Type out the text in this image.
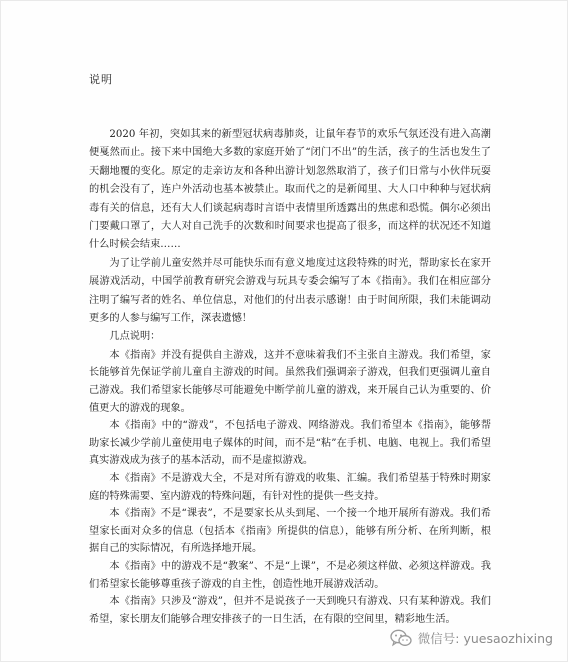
说明

2020 年初，突如其来的新型冠状病毒肺炎，让鼠年春节的欢乐气氛还没有进入高潮便戛然而止。接下来中国绝大多数的家庭开始了“闭门不出”的生活，孩子的生活也发生了天翻地覆的变化。原定的走亲访友和各种出游计划忽然取消了，孩子们日常与小伙伴玩耍的机会没有了，连户外活动也基本被禁止。取而代之的是新闻里、大人口中种种与冠状病毒有关的信息，还有大人们谈起病毒时言语中表情里所透露出的焦虑和恐慌。偶尔必须出门要戴口罩了，大人对自己洗手的次数和时间要求也提高了很多，而这样的状况还不知道什么时候会结束……

为了让学前儿童安然并尽可能快乐而有意义地度过这段特殊的时光，帮助家长在家开展游戏活动，中国学前教育研究会游戏与玩具专委会编写了本《指南》。我们在相应部分注明了编写者的姓名、单位信息，对他们的付出表示感谢！由于时间所限，我们未能调动更多的人参与编写工作，深表遗憾！

几点说明：

本《指南》并没有提供自主游戏，这并不意味着我们不主张自主游戏。我们希望，家长能够首先保证学前儿童自主游戏的时间。虽然我们强调亲子游戏，但我们更强调儿童自己游戏。我们希望家长能够尽可能避免中断学前儿童的游戏，来开展自己认为重要的、价值更大的游戏的现象。

本《指南》中的“游戏”，不包括电子游戏、网络游戏。我们希望本《指南》，能够帮助家长减少学前儿童使用电子媒体的时间，而不是“粘”在手机、电脑、电视上。我们希望真实游戏成为孩子的基本活动，而不是虚拟游戏。

本《指南》不是游戏大全，不是对所有游戏的收集、汇编。我们希望基于特殊时期家庭的特殊需要、室内游戏的特殊问题，有针对性的提供一些支持。

本《指南》不是“课表”，不是要家长从头到尾、一个接一个地开展所有游戏。我们希望家长面对众多的信息（包括本《指南》所提供的信息），能够有所分析、在所判断，根据自己的实际情况，有所选择地开展。

本《指南》中的游戏不是“教案”、不是“上课”，不是必须这样做、必须这样游戏。我们希望家长能够尊重孩子游戏的自主性，创造性地开展游戏活动。

本《指南》只涉及“游戏”，但并不是说孩子一天到晚只有游戏、只有某种游戏。我们希望，家长朋友们能够合理安排孩子的一日生活，在有限的空间里，精彩地生活。

微信号: yuesaozhixing
